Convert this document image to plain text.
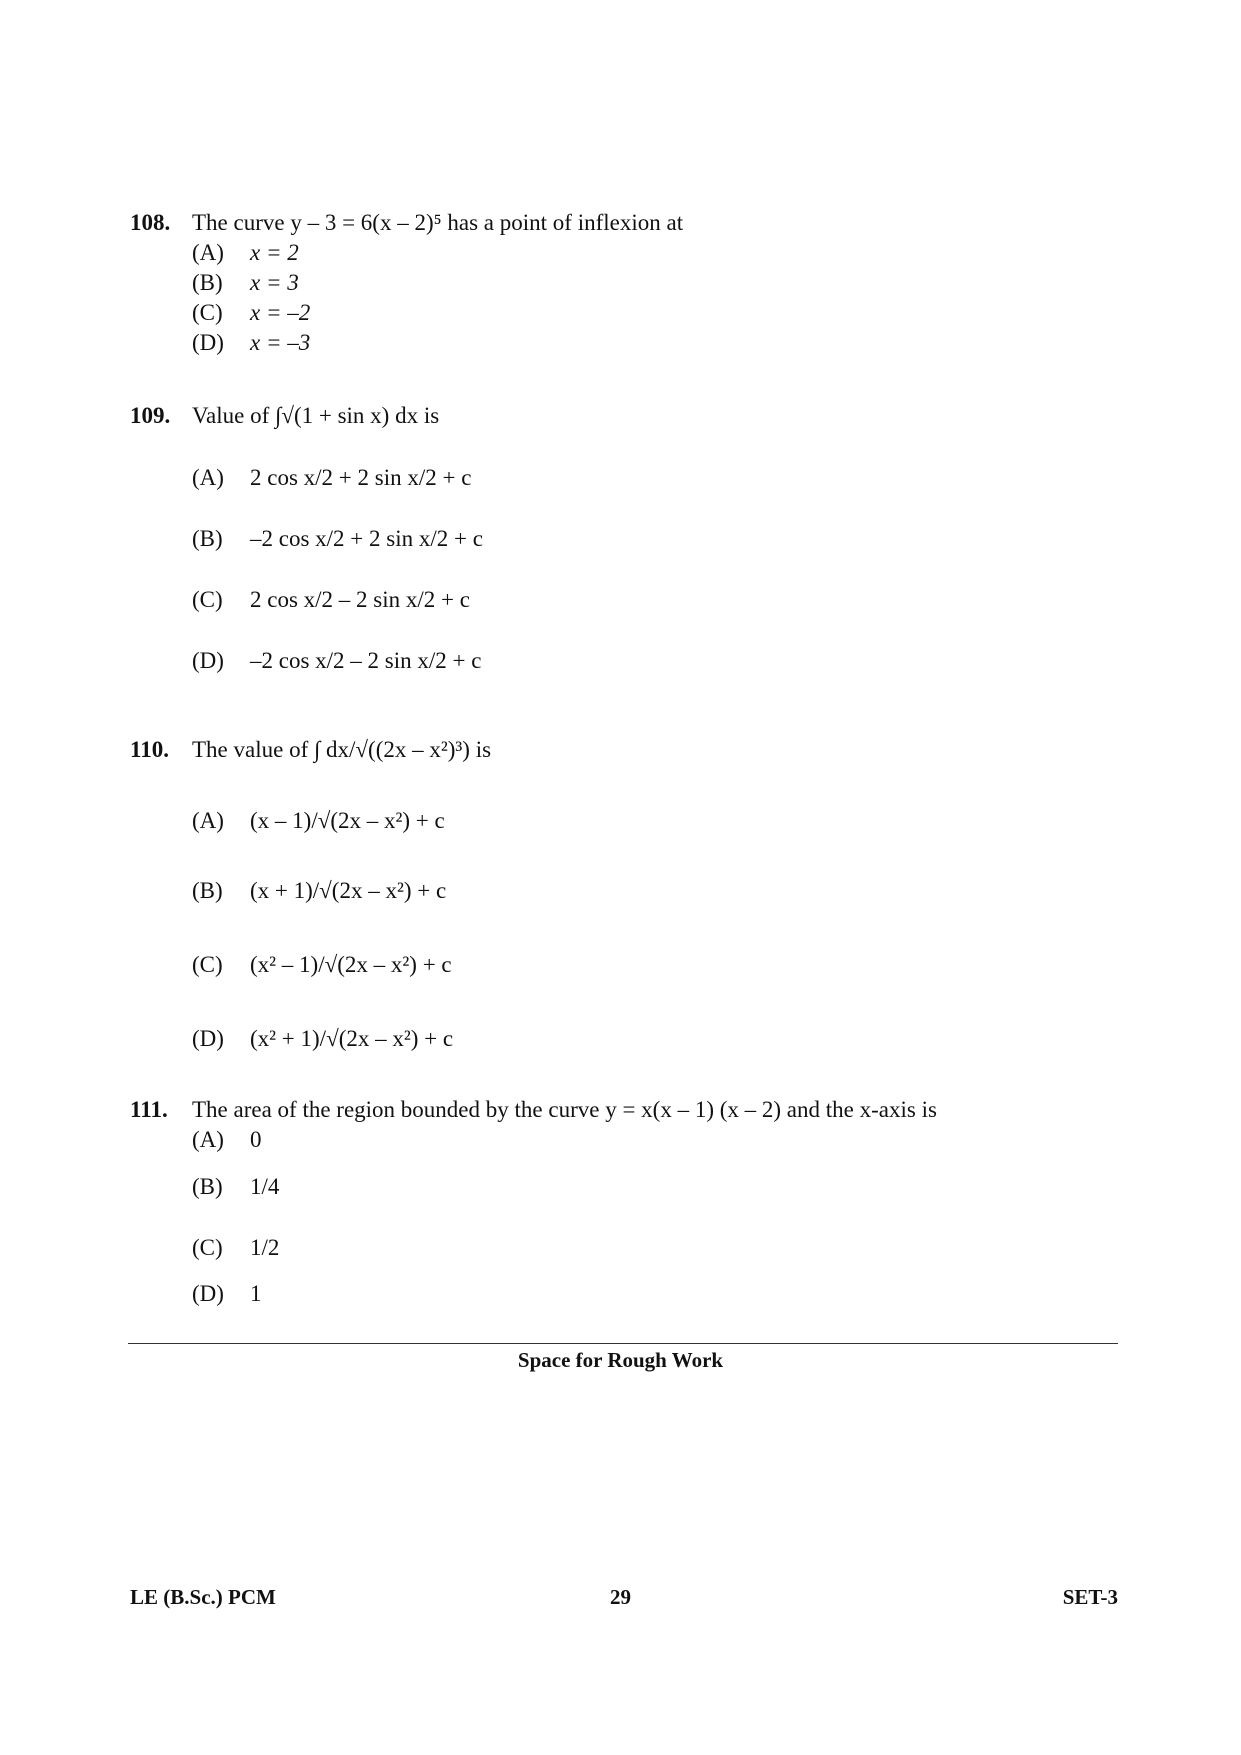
108. The curve y – 3 = 6(x – 2)⁵ has a point of inflexion at
(A) x = 2
(B) x = 3
(C) x = –2
(D) x = –3
109. Value of ∫√(1 + sin x) dx is
(A) 2 cos x/2 + 2 sin x/2 + c
(B) –2 cos x/2 + 2 sin x/2 + c
(C) 2 cos x/2 – 2 sin x/2 + c
(D) –2 cos x/2 – 2 sin x/2 + c
110. The value of ∫ dx/√((2x – x²)³) is
(A) (x – 1)/√(2x – x²) + c
(B) (x + 1)/√(2x – x²) + c
(C) (x² – 1)/√(2x – x²) + c
(D) (x² + 1)/√(2x – x²) + c
111. The area of the region bounded by the curve y = x(x – 1) (x – 2) and the x-axis is
(A) 0
(B) 1/4
(C) 1/2
(D) 1
Space for Rough Work
LE (B.Sc.) PCM	29	SET-3
